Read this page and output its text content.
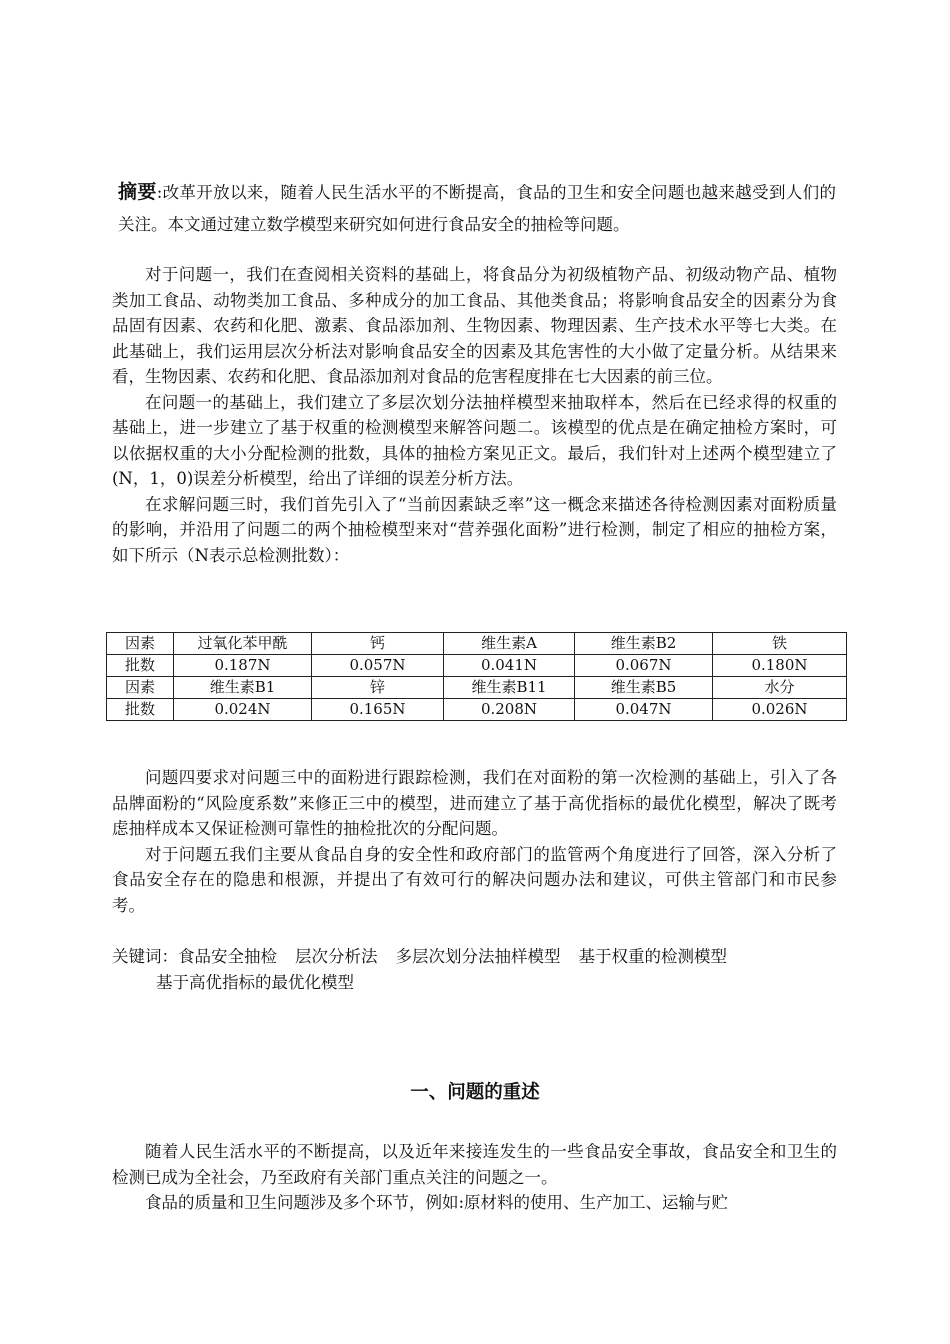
摘要:改革开放以来，随着人民生活水平的不断提高，食品的卫生和安全问题也越来越受到人们的关注。本文通过建立数学模型来研究如何进行食品安全的抽检等问题。

对于问题一，我们在查阅相关资料的基础上，将食品分为初级植物产品、初级动物产品、植物类加工食品、动物类加工食品、多种成分的加工食品、其他类食品；将影响食品安全的因素分为食品固有因素、农药和化肥、激素、食品添加剂、生物因素、物理因素、生产技术水平等七大类。在此基础上，我们运用层次分析法对影响食品安全的因素及其危害性的大小做了定量分析。从结果来看，生物因素、农药和化肥、食品添加剂对食品的危害程度排在七大因素的前三位。

在问题一的基础上，我们建立了多层次划分法抽样模型来抽取样本，然后在已经求得的权重的基础上，进一步建立了基于权重的检测模型来解答问题二。该模型的优点是在确定抽检方案时，可以依据权重的大小分配检测的批数，具体的抽检方案见正文。最后，我们针对上述两个模型建立了(N，1，0)误差分析模型，给出了详细的误差分析方法。

在求解问题三时，我们首先引入了“当前因素缺乏率”这一概念来描述各待检测因素对面粉质量的影响，并沿用了问题二的两个抽检模型来对“营养强化面粉”进行检测，制定了相应的抽检方案，如下所示（N表示总检测批数）：

因素	过氧化苯甲酰	钙	维生素A	维生素B2	铁
批数	0.187N	0.057N	0.041N	0.067N	0.180N
因素	维生素B1	锌	维生素B11	维生素B5	水分
批数	0.024N	0.165N	0.208N	0.047N	0.026N

问题四要求对问题三中的面粉进行跟踪检测，我们在对面粉的第一次检测的基础上，引入了各品牌面粉的“风险度系数”来修正三中的模型，进而建立了基于高优指标的最优化模型，解决了既考虑抽样成本又保证检测可靠性的抽检批次的分配问题。

对于问题五我们主要从食品自身的安全性和政府部门的监管两个角度进行了回答，深入分析了食品安全存在的隐患和根源，并提出了有效可行的解决问题办法和建议，可供主管部门和市民参考。

关键词：食品安全抽检 层次分析法 多层次划分法抽样模型 基于权重的检测模型
基于高优指标的最优化模型
一、问题的重述

随着人民生活水平的不断提高，以及近年来接连发生的一些食品安全事故，食品安全和卫生的检测已成为全社会，乃至政府有关部门重点关注的问题之一。

食品的质量和卫生问题涉及多个环节，例如:原材料的使用、生产加工、运输与贮
